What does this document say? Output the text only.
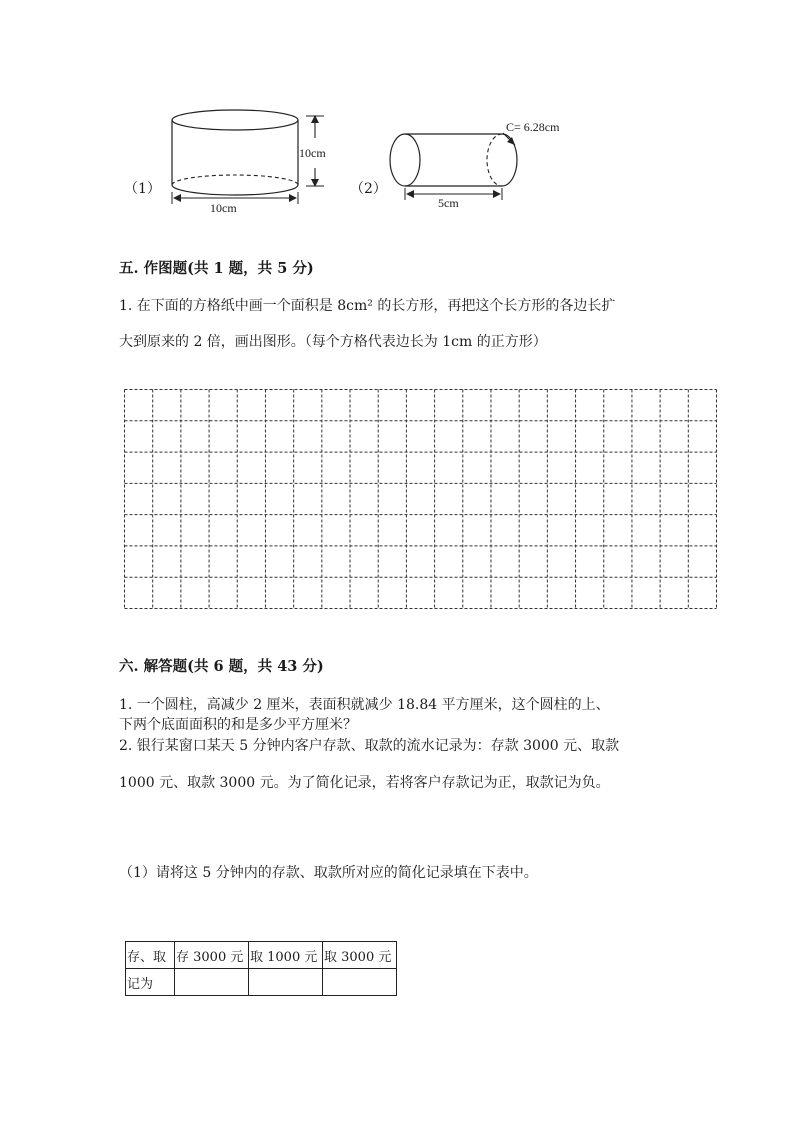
（1）
10cm
10cm
（2）
C= 6.28cm
5cm
五. 作图题(共 1 题，共 5 分)
1. 在下面的方格纸中画一个面积是 8cm² 的长方形，再把这个长方形的各边长扩
大到原来的 2 倍，画出图形。（每个方格代表边长为 1cm 的正方形）
六. 解答题(共 6 题，共 43 分)
1. 一个圆柱，高减少 2 厘米，表面积就减少 18.84 平方厘米，这个圆柱的上、
下两个底面面积的和是多少平方厘米？
2. 银行某窗口某天 5 分钟内客户存款、取款的流水记录为：存款 3000 元、取款
1000 元、取款 3000 元。为了简化记录，若将客户存款记为正，取款记为负。
（1）请将这 5 分钟内的存款、取款所对应的简化记录填在下表中。
存、取	存 3000 元	取 1000 元	取 3000 元
记为			
